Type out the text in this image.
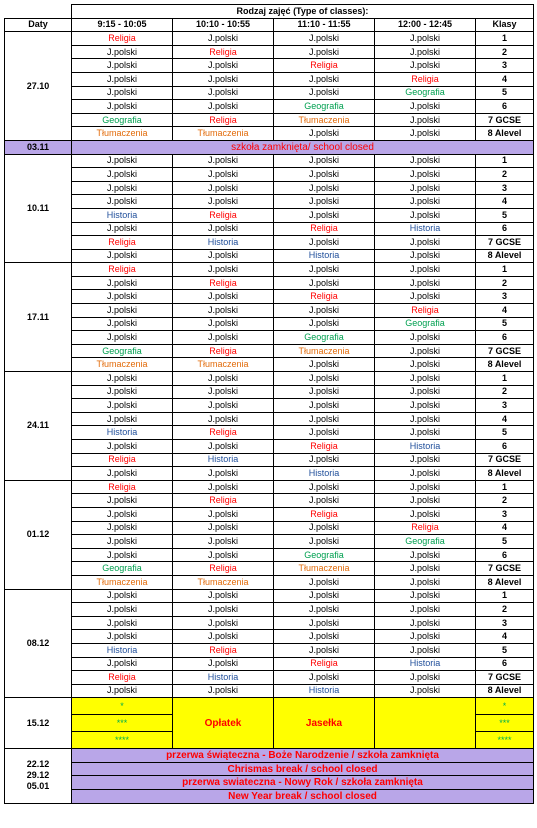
	Rodzaj zajęć (Type of classes):				
Daty	9:15 - 10:05	10:10 - 10:55	11:10 - 11:55	12:00 - 12:45	Klasy
27.10	Religia	J.polski	J.polski	J.polski	1
	J.polski	Religia	J.polski	J.polski	2
	J.polski	J.polski	Religia	J.polski	3
	J.polski	J.polski	J.polski	Religia	4
	J.polski	J.polski	J.polski	Geografia	5
	J.polski	J.polski	Geografia	J.polski	6
	Geografia	Religia	Tłumaczenia	J.polski	7 GCSE
	Tłumaczenia	Tłumaczenia	J.polski	J.polski	8 Alevel
03.11	szkoła zamknięta/ school closed				
10.11	J.polski	J.polski	J.polski	J.polski	1
	J.polski	J.polski	J.polski	J.polski	2
	J.polski	J.polski	J.polski	J.polski	3
	J.polski	J.polski	J.polski	J.polski	4
	Historia	Religia	J.polski	J.polski	5
	J.polski	J.polski	Religia	Historia	6
	Religia	Historia	J.polski	J.polski	7 GCSE
	J.polski	J.polski	Historia	J.polski	8 Alevel
17.11	Religia	J.polski	J.polski	J.polski	1
	J.polski	Religia	J.polski	J.polski	2
	J.polski	J.polski	Religia	J.polski	3
	J.polski	J.polski	J.polski	Religia	4
	J.polski	J.polski	J.polski	Geografia	5
	J.polski	J.polski	Geografia	J.polski	6
	Geografia	Religia	Tłumaczenia	J.polski	7 GCSE
	Tłumaczenia	Tłumaczenia	J.polski	J.polski	8 Alevel
24.11	J.polski	J.polski	J.polski	J.polski	1
	J.polski	J.polski	J.polski	J.polski	2
	J.polski	J.polski	J.polski	J.polski	3
	J.polski	J.polski	J.polski	J.polski	4
	Historia	Religia	J.polski	J.polski	5
	J.polski	J.polski	Religia	Historia	6
	Religia	Historia	J.polski	J.polski	7 GCSE
	J.polski	J.polski	Historia	J.polski	8 Alevel
01.12	Religia	J.polski	J.polski	J.polski	1
	J.polski	Religia	J.polski	J.polski	2
	J.polski	J.polski	Religia	J.polski	3
	J.polski	J.polski	J.polski	Religia	4
	J.polski	J.polski	J.polski	Geografia	5
	J.polski	J.polski	Geografia	J.polski	6
	Geografia	Religia	Tłumaczenia	J.polski	7 GCSE
	Tłumaczenia	Tłumaczenia	J.polski	J.polski	8 Alevel
08.12	J.polski	J.polski	J.polski	J.polski	1
	J.polski	J.polski	J.polski	J.polski	2
	J.polski	J.polski	J.polski	J.polski	3
	J.polski	J.polski	J.polski	J.polski	4
	Historia	Religia	J.polski	J.polski	5
	J.polski	J.polski	Religia	Historia	6
	Religia	Historia	J.polski	J.polski	7 GCSE
	J.polski	J.polski	Historia	J.polski	8 Alevel
15.12	*	Opłatek	Jasełka		*
	***				***
	****				****

22.12
29.12
05.01	przerwa świąteczna - Boże Narodzenie / szkoła zamknięta				
	Chrismas break / school closed				
	przerwa swiateczna - Nowy Rok / szkoła zamknięta				
	New Year break / school closed				
